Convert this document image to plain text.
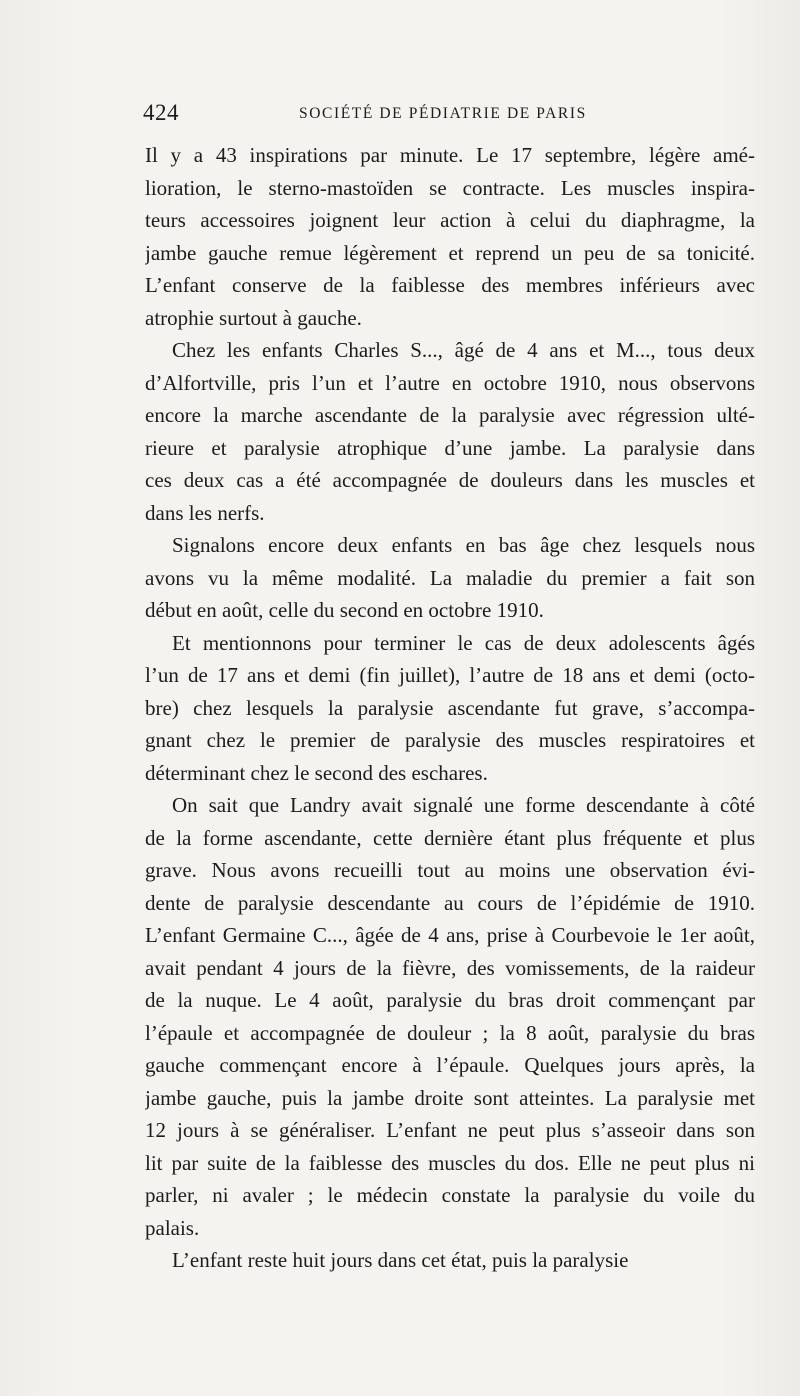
424	SOCIÉTÉ DE PÉDIATRIE DE PARIS
Il y a 43 inspirations par minute. Le 17 septembre, légère amé-
lioration, le sterno-mastoïden se contracte. Les muscles inspira-
teurs accessoires joignent leur action à celui du diaphragme, la
jambe gauche remue légèrement et reprend un peu de sa tonicité.
L’enfant conserve de la faiblesse des membres inférieurs avec
atrophie surtout à gauche.
Chez les enfants Charles S..., âgé de 4 ans et M..., tous deux
d’Alfortville, pris l’un et l’autre en octobre 1910, nous observons
encore la marche ascendante de la paralysie avec régression ulté-
rieure et paralysie atrophique d’une jambe. La paralysie dans
ces deux cas a été accompagnée de douleurs dans les muscles et
dans les nerfs.
Signalons encore deux enfants en bas âge chez lesquels nous
avons vu la même modalité. La maladie du premier a fait son
début en août, celle du second en octobre 1910.
Et mentionnons pour terminer le cas de deux adolescents âgés
l’un de 17 ans et demi (fin juillet), l’autre de 18 ans et demi (octo-
bre) chez lesquels la paralysie ascendante fut grave, s’accompa-
gnant chez le premier de paralysie des muscles respiratoires et
déterminant chez le second des eschares.
On sait que Landry avait signalé une forme descendante à côté
de la forme ascendante, cette dernière étant plus fréquente et plus
grave. Nous avons recueilli tout au moins une observation évi-
dente de paralysie descendante au cours de l’épidémie de 1910.
L’enfant Germaine C..., âgée de 4 ans, prise à Courbevoie le 1er août,
avait pendant 4 jours de la fièvre, des vomissements, de la raideur
de la nuque. Le 4 août, paralysie du bras droit commençant par
l’épaule et accompagnée de douleur ; la 8 août, paralysie du bras
gauche commençant encore à l’épaule. Quelques jours après, la
jambe gauche, puis la jambe droite sont atteintes. La paralysie met
12 jours à se généraliser. L’enfant ne peut plus s’asseoir dans son
lit par suite de la faiblesse des muscles du dos. Elle ne peut plus ni
parler, ni avaler ; le médecin constate la paralysie du voile du
palais.
L’enfant reste huit jours dans cet état, puis la paralysie
